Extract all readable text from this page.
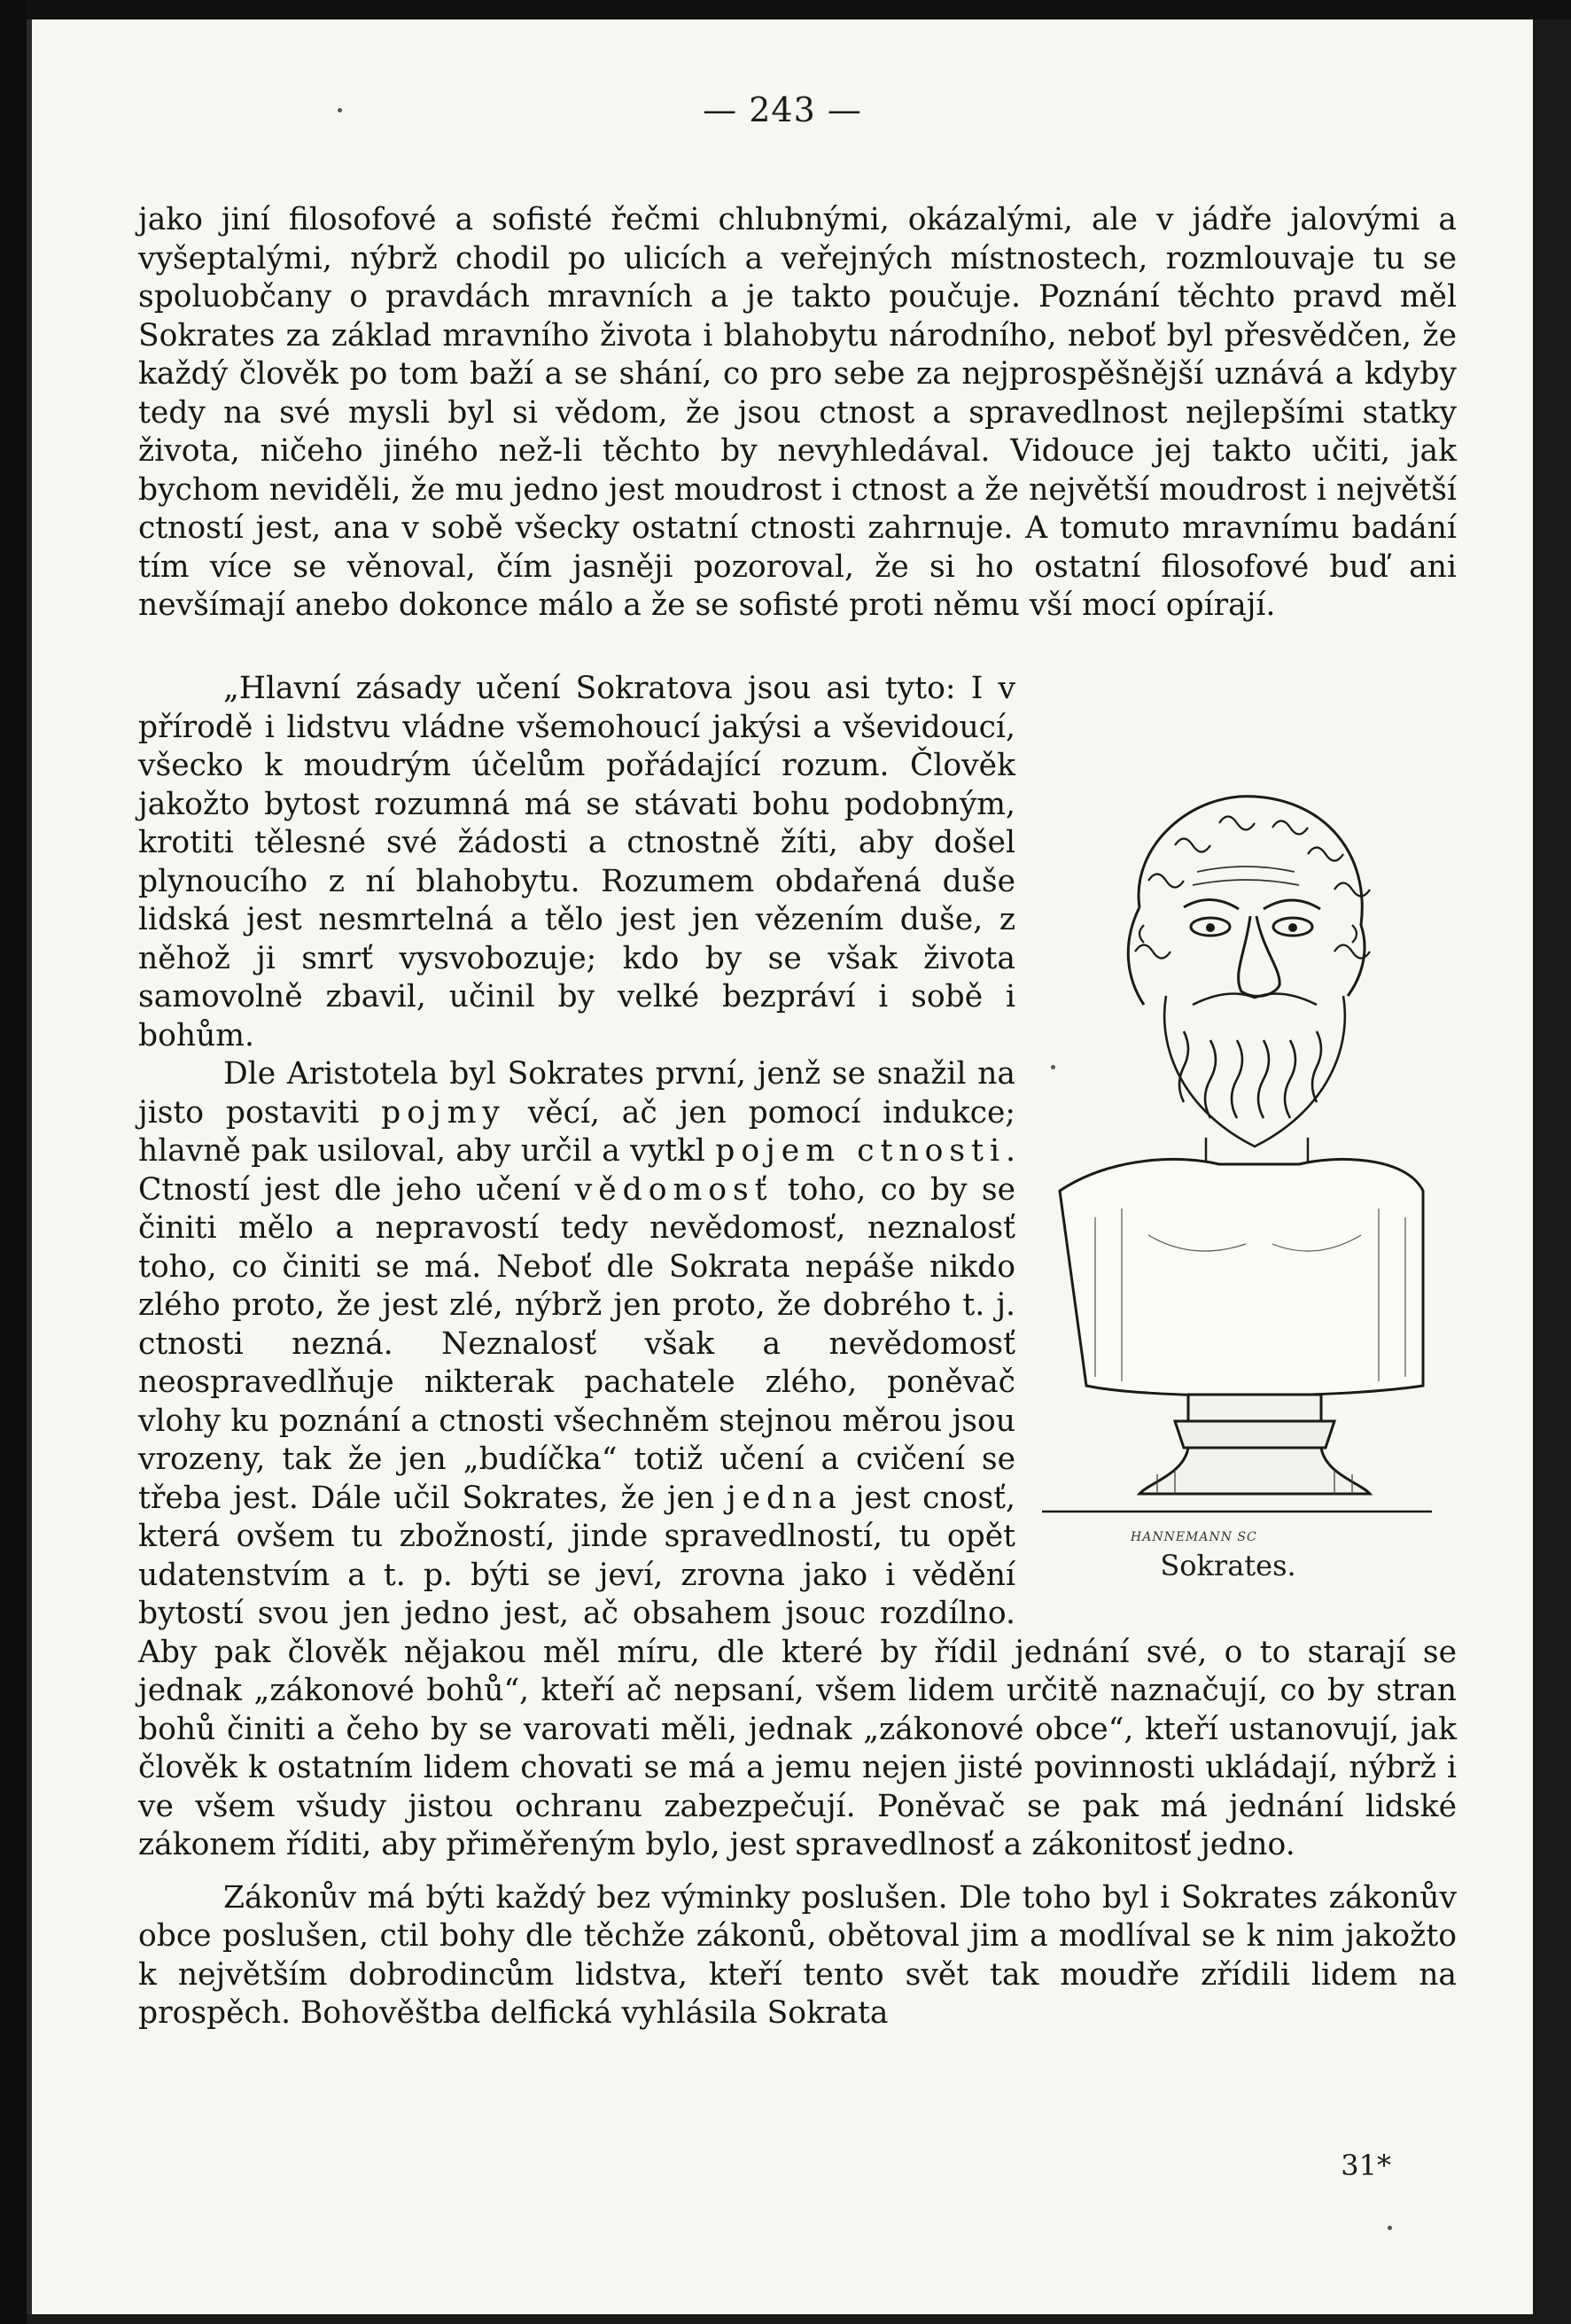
— 243 —

jako jiní filosofové a sofisté řečmi chlubnými, okázalými, ale v jádře jalovými a vyšeptalými, nýbrž chodil po ulicích a veřejných místnostech, rozmlouvaje tu se spoluobčany o pravdách mravních a je takto poučuje. Poznání těchto pravd měl Sokrates za základ mravního života i blahobytu národního, neboť byl přesvědčen, že každý člověk po tom baží a se shání, co pro sebe za nejprospěšnější uznává a kdyby tedy na své mysli byl si vědom, že jsou ctnost a spravedlnost nejlepšími statky života, ničeho jiného než-li těchto by nevyhledával. Vidouce jej takto učiti, jak bychom neviděli, že mu jedno jest moudrost i ctnost a že největší moudrost i největší ctností jest, ana v sobě všecky ostatní ctnosti zahrnuje. A tomuto mravnímu badání tím více se věnoval, čím jasněji pozoroval, že si ho ostatní filosofové buď ani nevšímají anebo dokonce málo a že se sofisté proti němu vší mocí opírají.

HANNEMANN SC
Sokrates.

„Hlavní zásady učení Sokratova jsou asi tyto: I v přírodě i lidstvu vládne všemohoucí jakýsi a vševidoucí, všecko k moudrým účelům pořádající rozum. Člověk jakožto bytost rozumná má se stávati bohu podobným, krotiti tělesné své žádosti a ctnostně žíti, aby došel plynoucího z ní blahobytu. Rozumem obdařená duše lidská jest nesmrtelná a tělo jest jen vězením duše, z něhož ji smrť vysvobozuje; kdo by se však života samovolně zbavil, učinil by velké bezpráví i sobě i bohům.

Dle Aristotela byl Sokrates první, jenž se snažil na jisto postaviti pojmy věcí, ač jen pomocí indukce; hlavně pak usiloval, aby určil a vytkl pojem ctnosti. Ctností jest dle jeho učení vědomosť toho, co by se činiti mělo a nepravostí tedy nevědomosť, neznalosť toho, co činiti se má. Neboť dle Sokrata nepáše nikdo zlého proto, že jest zlé, nýbrž jen proto, že dobrého t. j. ctnosti nezná. Neznalosť však a nevědomosť neospravedlňuje nikterak pachatele zlého, poněvač vlohy ku poznání a ctnosti všechněm stejnou měrou jsou vrozeny, tak že jen „budíčka“ totiž učení a cvičení se třeba jest. Dále učil Sokrates, že jen jedna jest cnosť, která ovšem tu zbožností, jinde spravedlností, tu opět udatenstvím a t. p. býti se jeví, zrovna jako i vědění bytostí svou jen jedno jest, ač obsahem jsouc rozdílno. Aby pak člověk nějakou měl míru, dle které by řídil jednání své, o to starají se jednak „zákonové bohů“, kteří ač nepsaní, všem lidem určitě naznačují, co by stran bohů činiti a čeho by se varovati měli, jednak „zákonové obce“, kteří ustanovují, jak člověk k ostatním lidem chovati se má a jemu nejen jisté povinnosti ukládají, nýbrž i ve všem všudy jistou ochranu zabezpečují. Poněvač se pak má jednání lidské zákonem říditi, aby přiměřeným bylo, jest spravedlnosť a zákonitosť jedno.

Zákonův má býti každý bez výminky poslušen. Dle toho byl i Sokrates zákonův obce poslušen, ctil bohy dle těchže zákonů, obětoval jim a modlíval se k nim jakožto k největším dobrodincům lidstva, kteří tento svět tak moudře zřídili lidem na prospěch. Bohověštba delfická vyhlásila Sokrata

31*
